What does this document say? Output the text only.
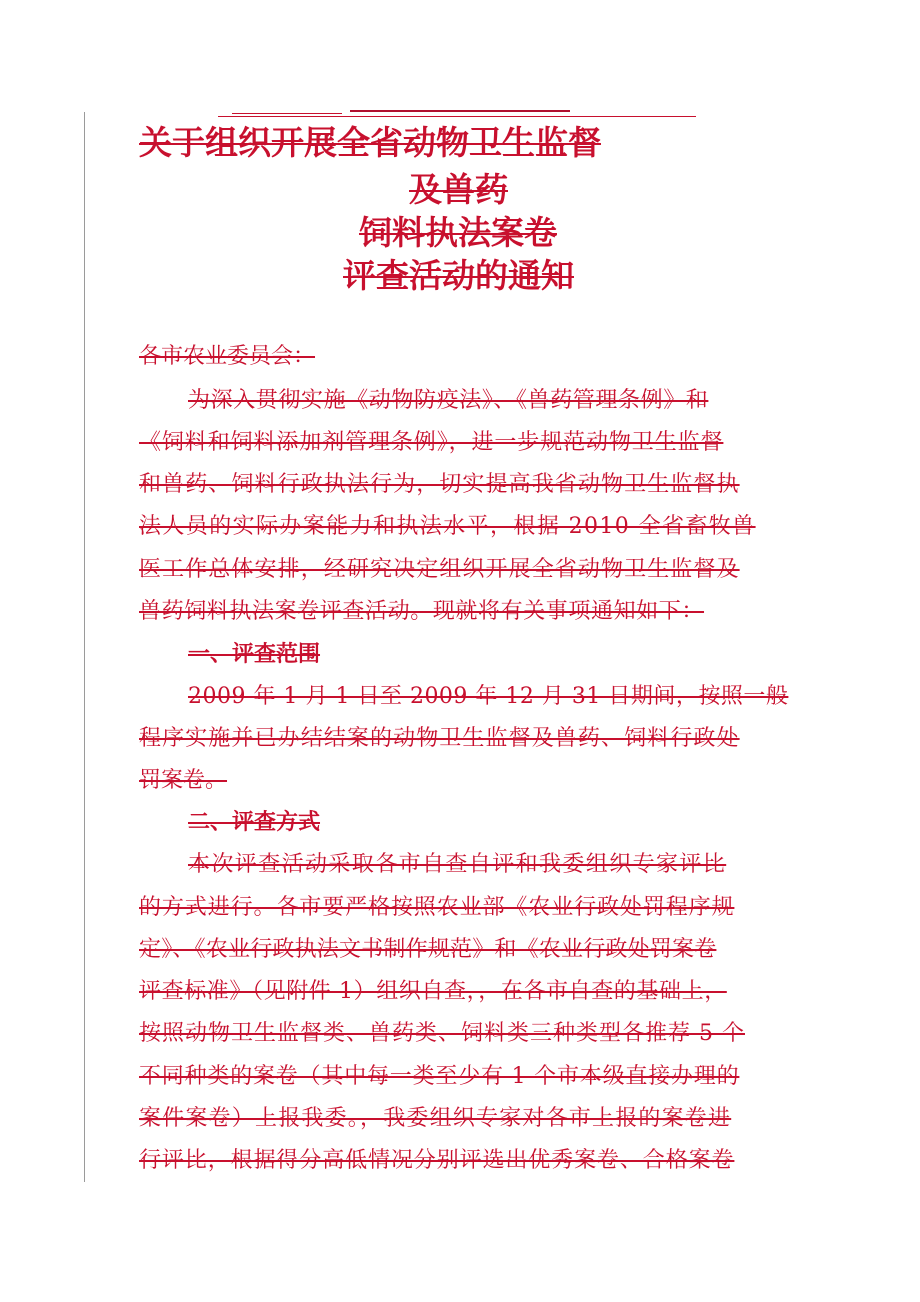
关于组织开展全省动物卫生监督
及兽药
饲料执法案卷
评查活动的通知
各市农业委员会：
为深入贯彻实施《动物防疫法》、《兽药管理条例》和
《饲料和饲料添加剂管理条例》，进一步规范动物卫生监督
和兽药、饲料行政执法行为，切实提高我省动物卫生监督执
法人员的实际办案能力和执法水平，根据 2010 全省畜牧兽
医工作总体安排，经研究决定组织开展全省动物卫生监督及
兽药饲料执法案卷评查活动。现就将有关事项通知如下：
一、评查范围
2009 年 1 月 1 日至 2009 年 12 月 31 日期间，按照一般
程序实施并已办结结案的动物卫生监督及兽药、饲料行政处
罚案卷。
二、评查方式
本次评查活动采取各市自查自评和我委组织专家评比
的方式进行。各市要严格按照农业部《农业行政处罚程序规
定》、《农业行政执法文书制作规范》和《农业行政处罚案卷
评查标准》（见附件 1）组织自查，，在各市自查的基础上，
按照动物卫生监督类、兽药类、饲料类三种类型各推荐 5 个
不同种类的案卷（其中每一类至少有 1 个市本级直接办理的
案件案卷）上报我委。，我委组织专家对各市上报的案卷进
行评比，根据得分高低情况分别评选出优秀案卷、合格案卷
